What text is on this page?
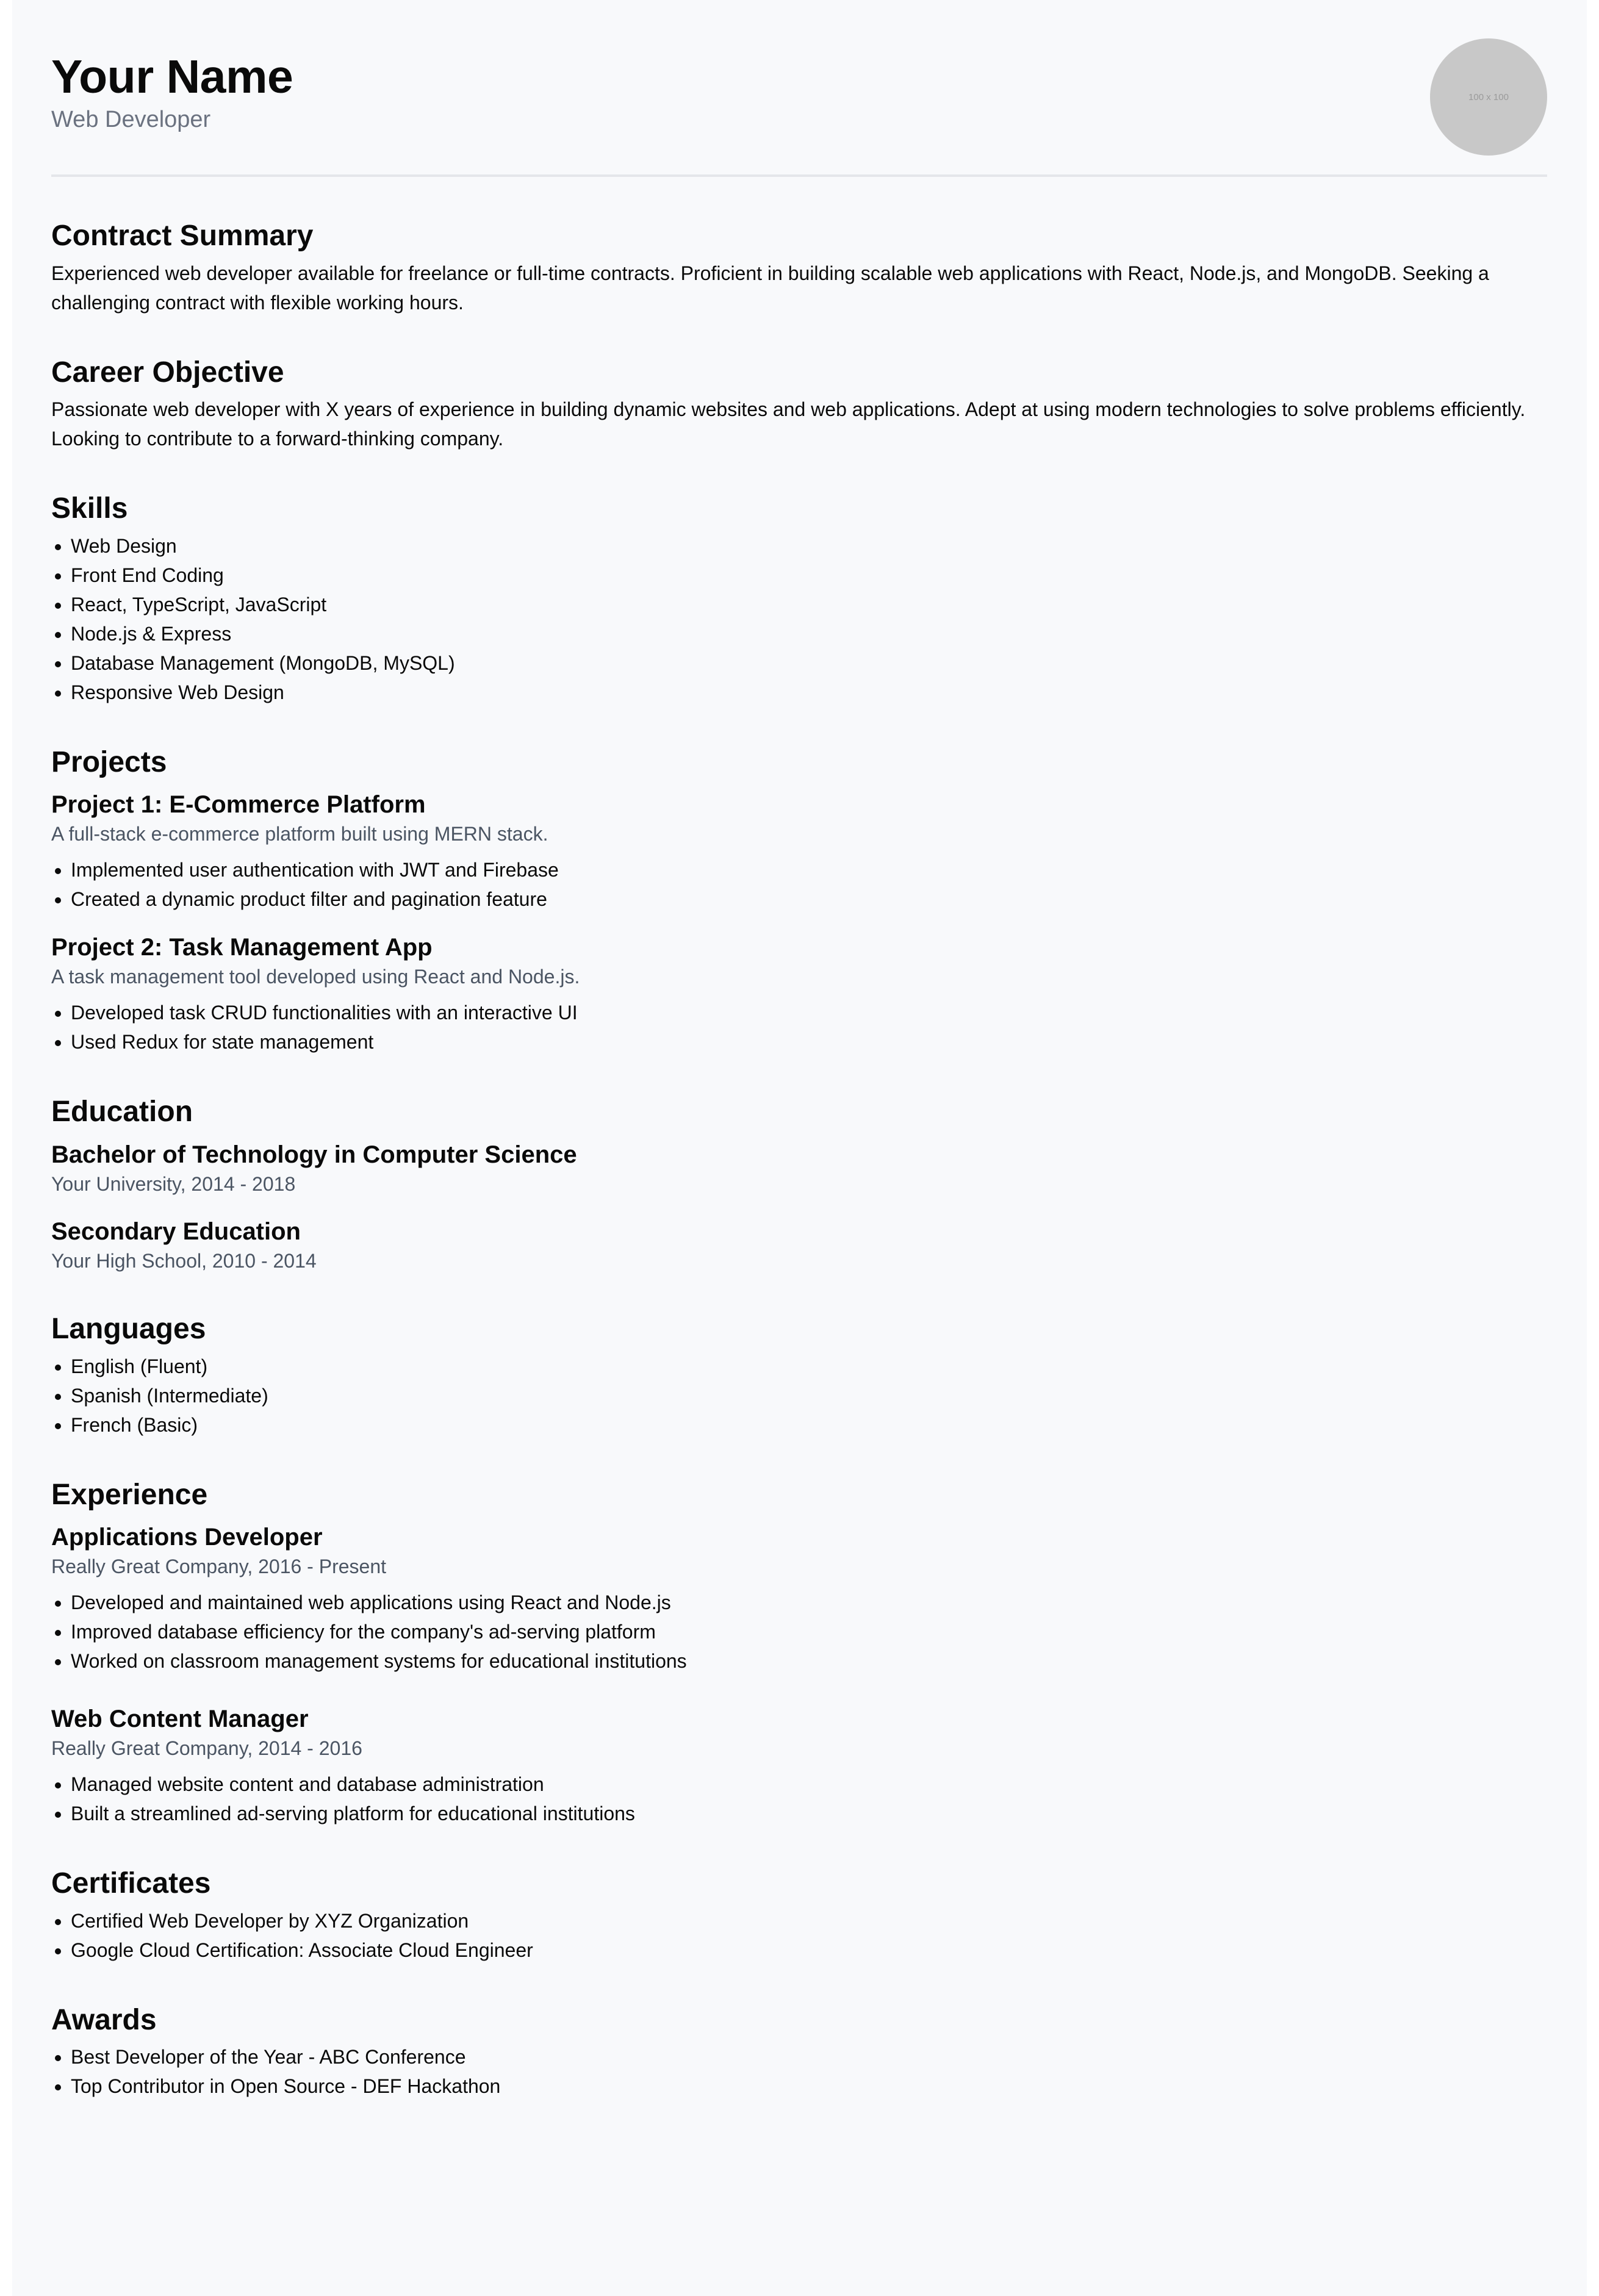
Your Name
Web Developer
100 x 100
Contract Summary

Experienced web developer available for freelance or full-time contracts. Proficient in building scalable web applications with React, Node.js, and MongoDB. Seeking a challenging contract with flexible working hours.

Career Objective

Passionate web developer with X years of experience in building dynamic websites and web applications. Adept at using modern technologies to solve problems efficiently. Looking to contribute to a forward-thinking company.

Skills
• Web Design
• Front End Coding
• React, TypeScript, JavaScript
• Node.js & Express
• Database Management (MongoDB, MySQL)
• Responsive Web Design
Projects
Project 1: E-Commerce Platform
A full-stack e-commerce platform built using MERN stack.
• Implemented user authentication with JWT and Firebase
• Created a dynamic product filter and pagination feature
Project 2: Task Management App
A task management tool developed using React and Node.js.
• Developed task CRUD functionalities with an interactive UI
• Used Redux for state management
Education
Bachelor of Technology in Computer Science
Your University, 2014 - 2018
Secondary Education
Your High School, 2010 - 2014
Languages
• English (Fluent)
• Spanish (Intermediate)
• French (Basic)
Experience
Applications Developer
Really Great Company, 2016 - Present
• Developed and maintained web applications using React and Node.js
• Improved database efficiency for the company's ad-serving platform
• Worked on classroom management systems for educational institutions
Web Content Manager
Really Great Company, 2014 - 2016
• Managed website content and database administration
• Built a streamlined ad-serving platform for educational institutions
Certificates
• Certified Web Developer by XYZ Organization
• Google Cloud Certification: Associate Cloud Engineer
Awards
• Best Developer of the Year - ABC Conference
• Top Contributor in Open Source - DEF Hackathon
